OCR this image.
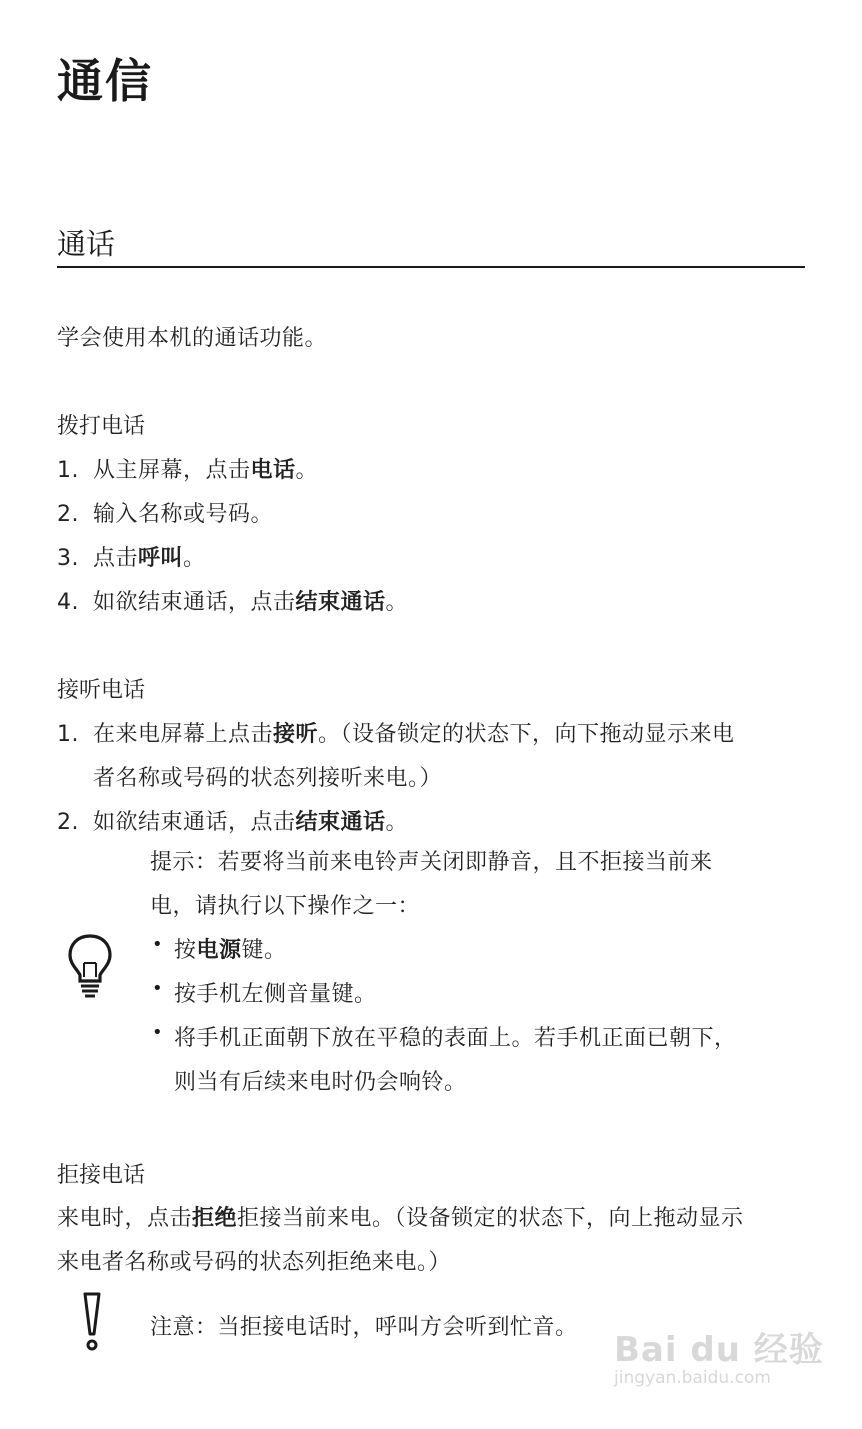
通信
通话
学会使用本机的通话功能。
拨打电话
1. 从主屏幕，点击电话。
2. 输入名称或号码。
3. 点击呼叫。
4. 如欲结束通话，点击结束通话。
接听电话
1. 在来电屏幕上点击接听。（设备锁定的状态下，向下拖动显示来电
者名称或号码的状态列接听来电。）
2. 如欲结束通话，点击结束通话。
提示：若要将当前来电铃声关闭即静音，且不拒接当前来
电，请执行以下操作之一：
• 按电源键。
• 按手机左侧音量键。
• 将手机正面朝下放在平稳的表面上。若手机正面已朝下，
则当有后续来电时仍会响铃。
拒接电话
来电时，点击拒绝拒接当前来电。（设备锁定的状态下，向上拖动显示
来电者名称或号码的状态列拒绝来电。）
注意：当拒接电话时，呼叫方会听到忙音。
Bai du 经验
jingyan.baidu.com
